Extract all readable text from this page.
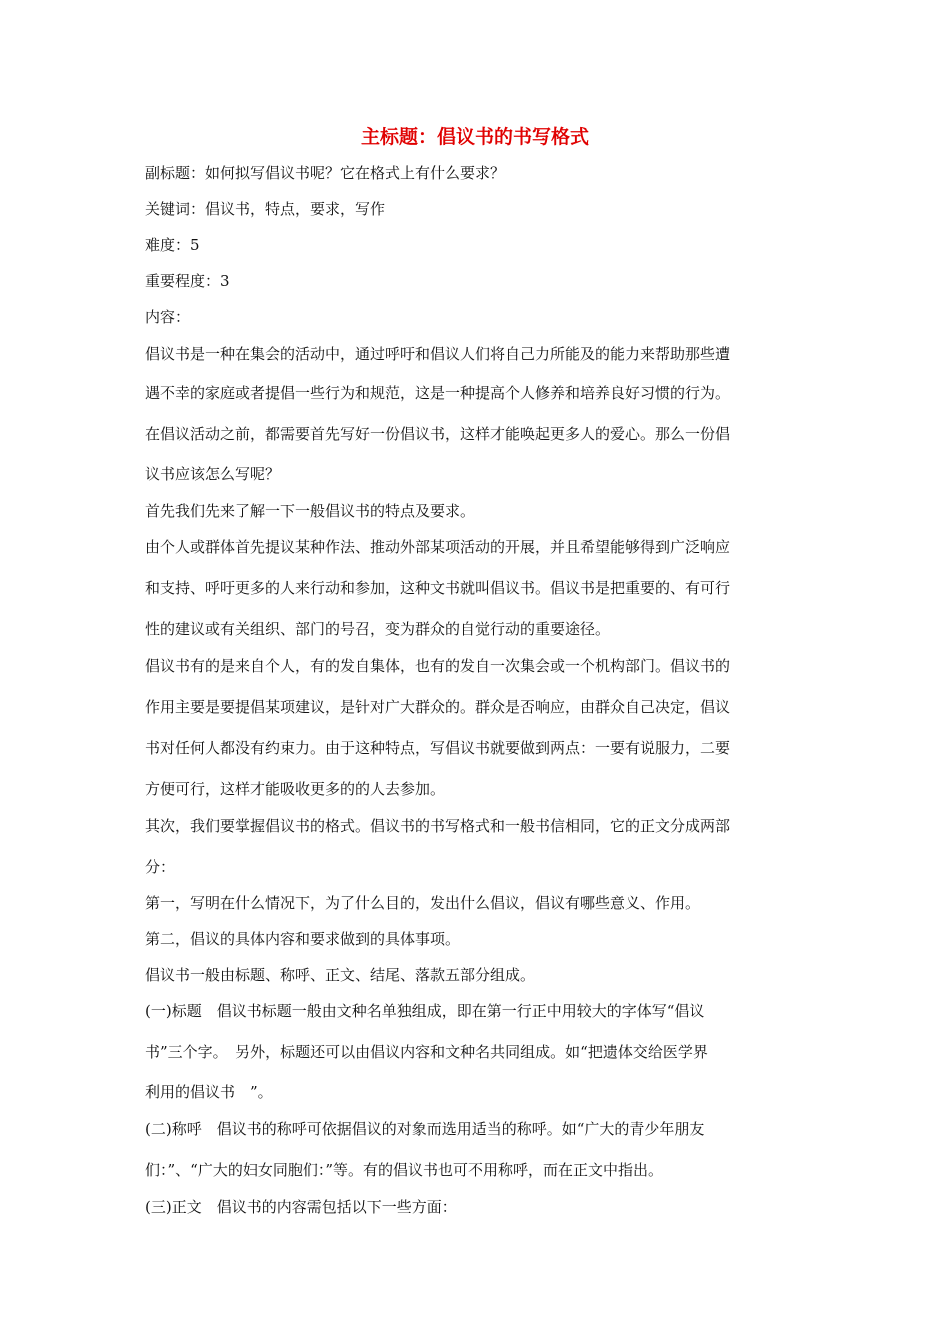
主标题：倡议书的书写格式
副标题：如何拟写倡议书呢？它在格式上有什么要求？
关键词：倡议书，特点，要求，写作
难度：5
重要程度：3
内容：
倡议书是一种在集会的活动中，通过呼吁和倡议人们将自己力所能及的能力来帮助那些遭
遇不幸的家庭或者提倡一些行为和规范，这是一种提高个人修养和培养良好习惯的行为。
在倡议活动之前，都需要首先写好一份倡议书，这样才能唤起更多人的爱心。那么一份倡
议书应该怎么写呢？
首先我们先来了解一下一般倡议书的特点及要求。
由个人或群体首先提议某种作法、推动外部某项活动的开展，并且希望能够得到广泛响应
和支持、呼吁更多的人来行动和参加，这种文书就叫倡议书。倡议书是把重要的、有可行
性的建议或有关组织、部门的号召，变为群众的自觉行动的重要途径。
倡议书有的是来自个人，有的发自集体，也有的发自一次集会或一个机构部门。倡议书的
作用主要是要提倡某项建议，是针对广大群众的。群众是否响应，由群众自己决定，倡议
书对任何人都没有约束力。由于这种特点，写倡议书就要做到两点：一要有说服力，二要
方便可行，这样才能吸收更多的的人去参加。
其次，我们要掌握倡议书的格式。倡议书的书写格式和一般书信相同，它的正文分成两部
分：
第一，写明在什么情况下，为了什么目的，发出什么倡议，倡议有哪些意义、作用。
第二，倡议的具体内容和要求做到的具体事项。
倡议书一般由标题、称呼、正文、结尾、落款五部分组成。
(一)标题　倡议书标题一般由文种名单独组成，即在第一行正中用较大的字体写“倡议
书”三个字。　另外，标题还可以由倡议内容和文种名共同组成。如“把遗体交给医学界
利用的倡议书　”。
(二)称呼　倡议书的称呼可依据倡议的对象而选用适当的称呼。如“广大的青少年朋友
们：”、“广大的妇女同胞们：”等。有的倡议书也可不用称呼，而在正文中指出。
(三)正文　倡议书的内容需包括以下一些方面：
